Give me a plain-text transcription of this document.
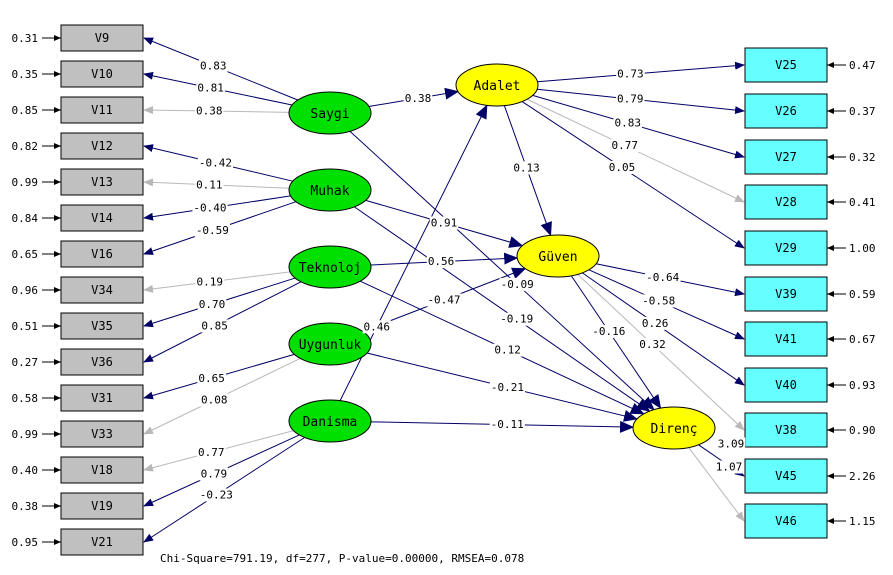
V9
0.31
V10
0.35
V11
0.85
V12
0.82
V13
0.99
V14
0.84
V16
0.65
V34
0.96
V35
0.51
V36
0.27
V31
0.58
V33
0.99
V18
0.40
V19
0.38
V21
0.95
V25	0.47
V26	0.37
V27	0.32
V28	0.41
V29	1.00
V39	0.59
V41	0.67
V40	0.93
V38	0.90
V45	2.26
V46	1.15
Saygi
Muhak
Teknoloj
Uygunluk
Danisma
Adalet
Güven
Direnç
0.83
0.81
0.38
-0.42
0.11
-0.40
-0.59
0.19
0.70
0.85
0.65
0.08
0.77
0.79
-0.23
0.73
0.79
0.83
0.77
0.05
-0.64
-0.58
0.26
0.32
3.09
1.07
0.38
0.46
0.13
0.91
0.56
-0.47
-0.09
-0.19
0.12
-0.21
-0.11
-0.16
Chi-Square=791.19, df=277, P-value=0.00000, RMSEA=0.078
